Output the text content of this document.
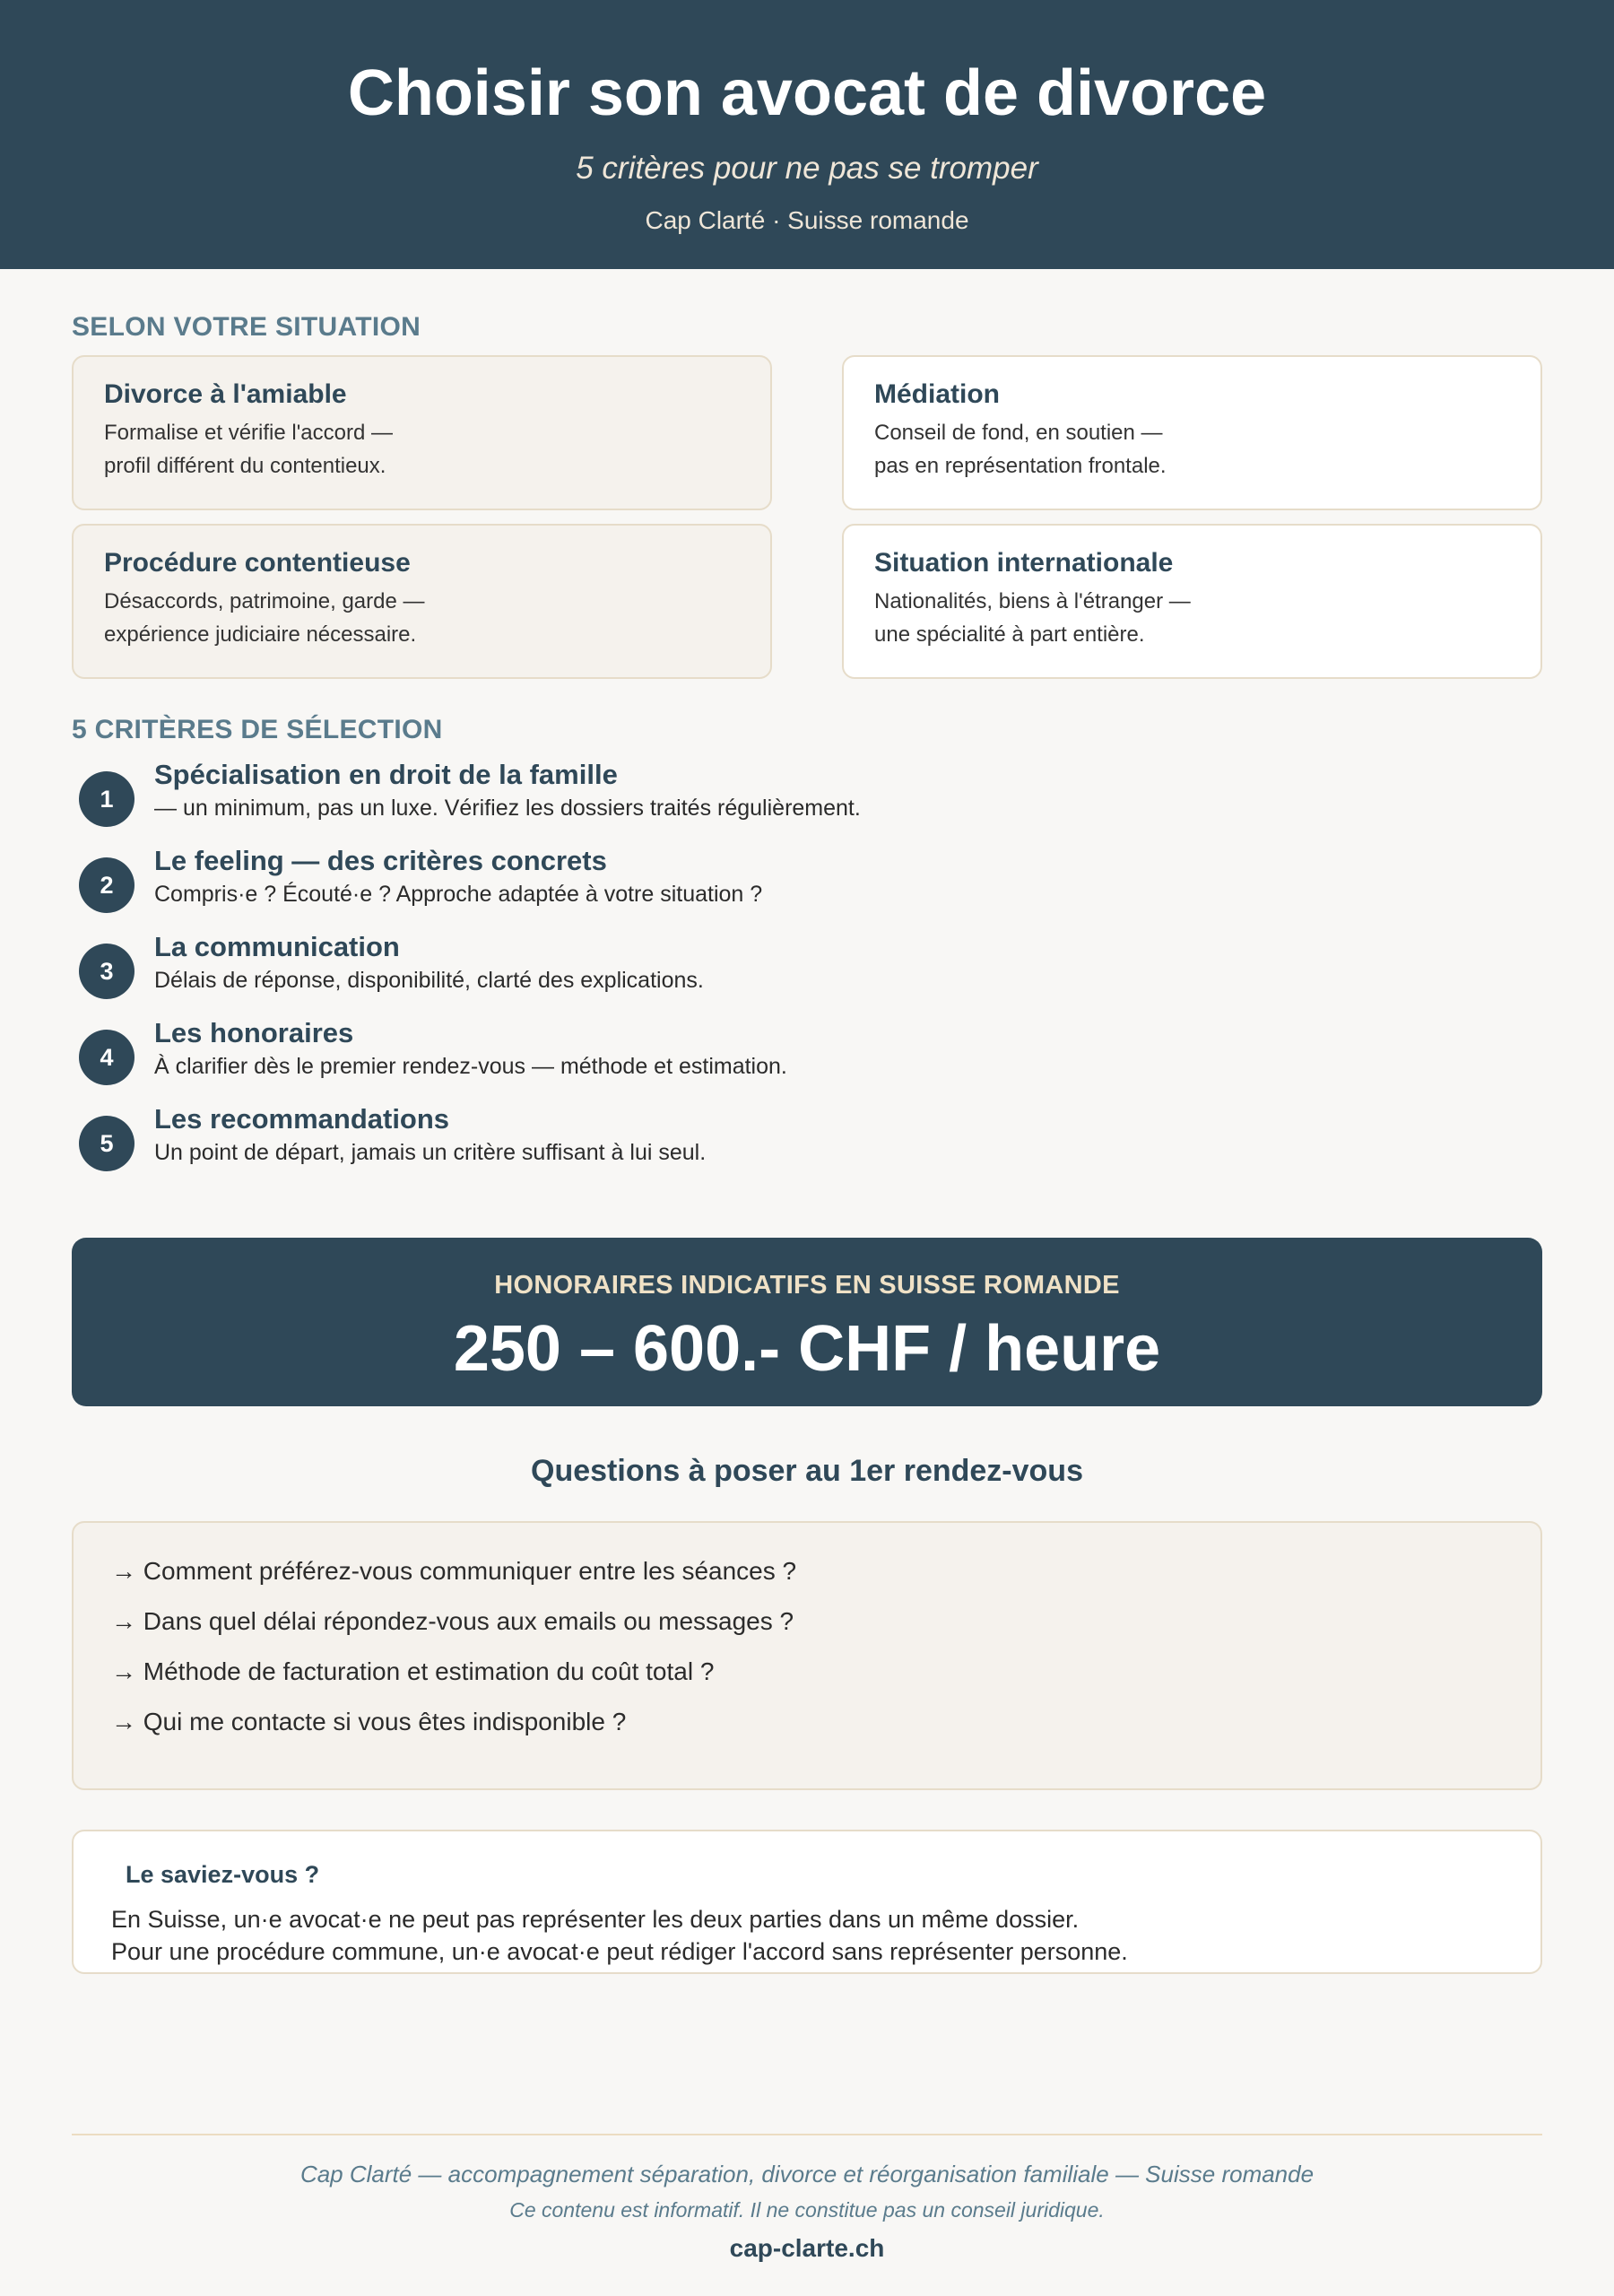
Choisir son avocat de divorce
5 critères pour ne pas se tromper
Cap Clarté · Suisse romande
SELON VOTRE SITUATION
Divorce à l'amiable
Formalise et vérifie l'accord —
profil différent du contentieux.
Médiation
Conseil de fond, en soutien —
pas en représentation frontale.
Procédure contentieuse
Désaccords, patrimoine, garde —
expérience judiciaire nécessaire.
Situation internationale
Nationalités, biens à l'étranger —
une spécialité à part entière.
5 CRITÈRES DE SÉLECTION
1
Spécialisation en droit de la famille
— un minimum, pas un luxe. Vérifiez les dossiers traités régulièrement.
2
Le feeling — des critères concrets
Compris·e ? Écouté·e ? Approche adaptée à votre situation ?
3
La communication
Délais de réponse, disponibilité, clarté des explications.
4
Les honoraires
À clarifier dès le premier rendez-vous — méthode et estimation.
5
Les recommandations
Un point de départ, jamais un critère suffisant à lui seul.
HONORAIRES INDICATIFS EN SUISSE ROMANDE
250 – 600.- CHF / heure
Questions à poser au 1er rendez-vous
→ Comment préférez-vous communiquer entre les séances ?
→ Dans quel délai répondez-vous aux emails ou messages ?
→ Méthode de facturation et estimation du coût total ?
→ Qui me contacte si vous êtes indisponible ?
Le saviez-vous ?
En Suisse, un·e avocat·e ne peut pas représenter les deux parties dans un même dossier.
Pour une procédure commune, un·e avocat·e peut rédiger l'accord sans représenter personne.
Cap Clarté — accompagnement séparation, divorce et réorganisation familiale — Suisse romande
Ce contenu est informatif. Il ne constitue pas un conseil juridique.
cap-clarte.ch
